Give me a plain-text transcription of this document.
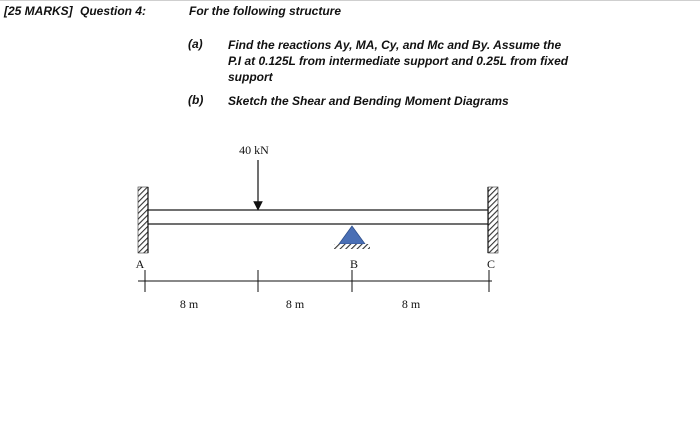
[25 MARKS] Question 4:	For the following structure
(a) Find the reactions Ay, MA, Cy, and Mc and By. Assume the
P.I at 0.125L from intermediate support and 0.25L from fixed
support
(b) Sketch the Shear and Bending Moment Diagrams
40 kN
A	B	C
8 m	8 m	8 m
